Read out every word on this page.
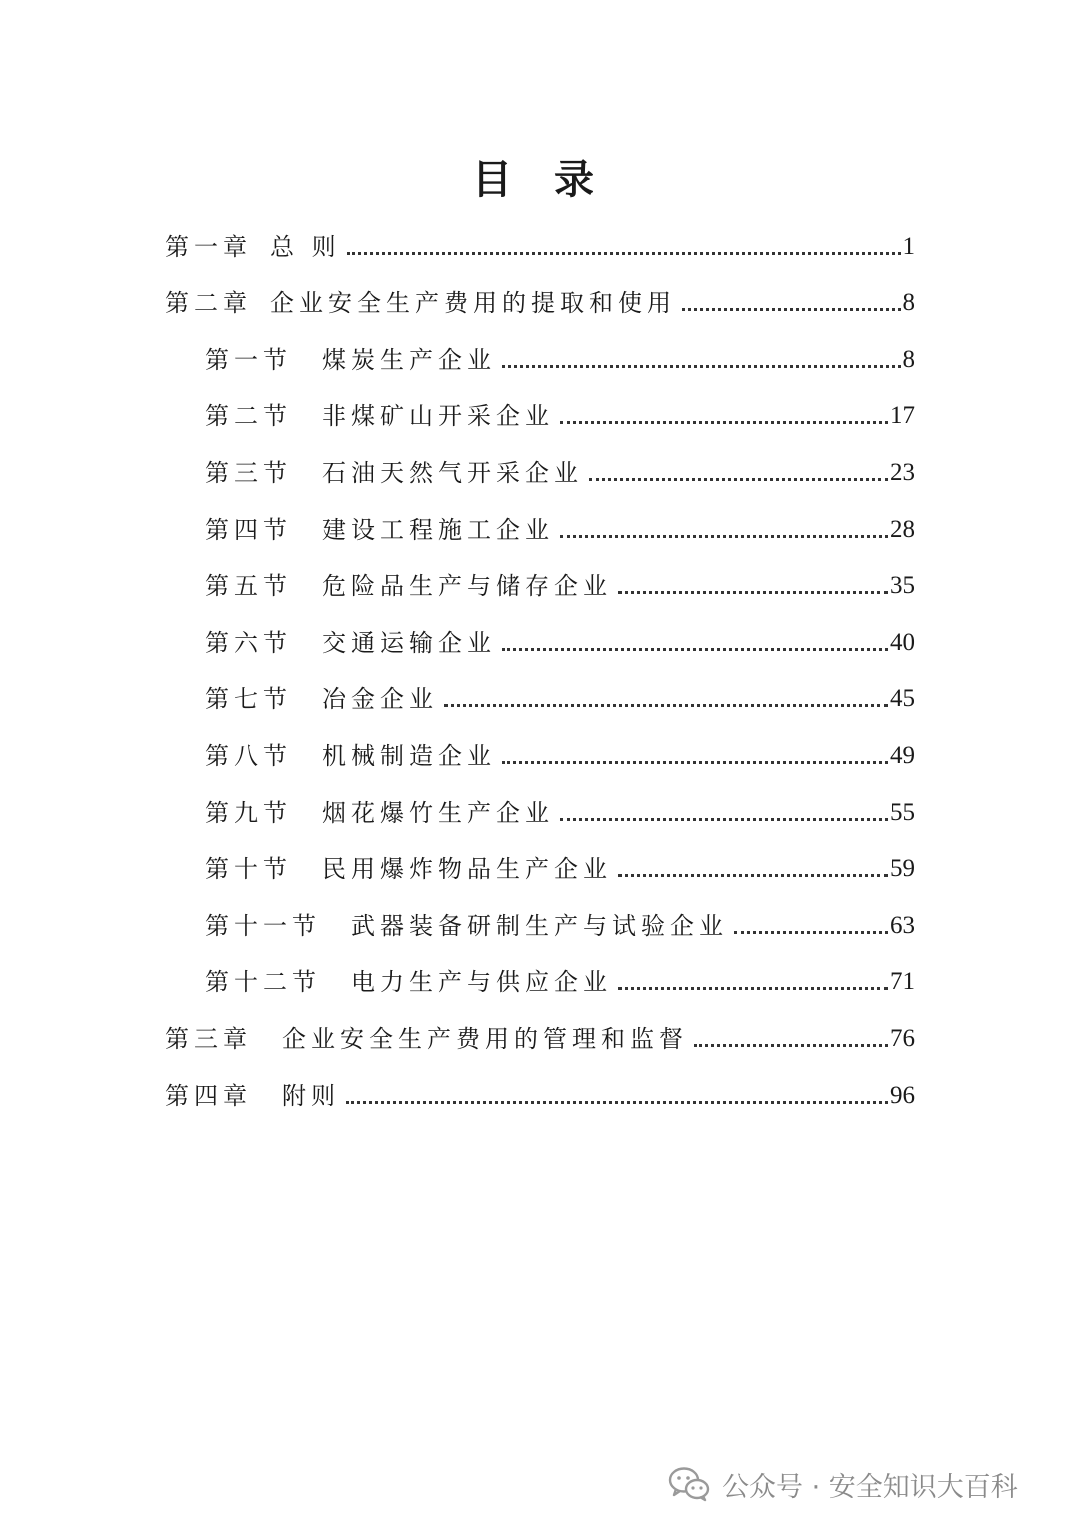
目 录
第一章 总 则	1
第二章 企业安全生产费用的提取和使用	8
第一节 煤炭生产企业	8
第二节 非煤矿山开采企业	17
第三节 石油天然气开采企业	23
第四节 建设工程施工企业	28
第五节 危险品生产与储存企业	35
第六节 交通运输企业	40
第七节 冶金企业	45
第八节 机械制造企业	49
第九节 烟花爆竹生产企业	55
第十节 民用爆炸物品生产企业	59
第十一节 武器装备研制生产与试验企业	63
第十二节 电力生产与供应企业	71
第三章 企业安全生产费用的管理和监督	76
第四章 附则	96
公众号 · 安全知识大百科
